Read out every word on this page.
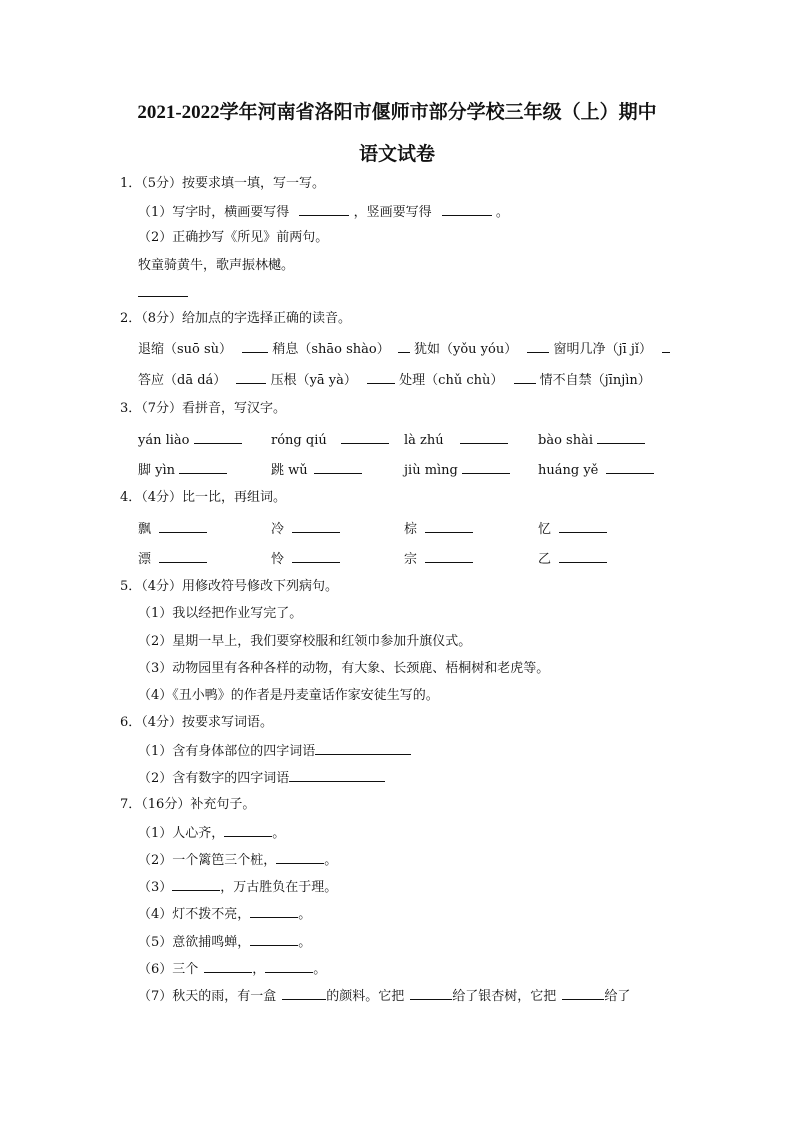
2021-2022学年河南省洛阳市偃师市部分学校三年级（上）期中
语文试卷
1．（5分）按要求填一填，写一写。
（1）写字时，横画要写得	，竖画要写得	。
（2）正确抄写《所见》前两句。
牧童骑黄牛，歌声振林樾。
2．（8分）给加点的字选择正确的读音。
退缩（suō sù）	稍息（shāo shào） 犹如（yǒu yóu）	窗明几净（jī jǐ）
答应（dā dá）	压根（yā yà）	处理（chǔ chù）	情不自禁（jīnjìn）
3．（7分）看拼音，写汉字。
yán liào	róng qiú	là zhú	bào shài
脚 yìn	跳 wǔ	jiù mìng	huáng yě
4．（4分）比一比，再组词。
飘	冷	棕	忆
漂	怜	宗	乙
5．（4分）用修改符号修改下列病句。
（1）我以经把作业写完了。
（2）星期一早上，我们要穿校服和红领巾参加升旗仪式。
（3）动物园里有各种各样的动物，有大象、长颈鹿、梧桐树和老虎等。
（4）《丑小鸭》的作者是丹麦童话作家安徒生写的。
6．（4分）按要求写词语。
（1）含有身体部位的四字词语
（2）含有数字的四字词语
7．（16分）补充句子。
（1）人心齐，	。
（2）一个篱笆三个桩，	。
（3）	，万古胜负在于理。
（4）灯不拨不亮，	。
（5）意欲捕鸣蝉，	。
（6）三个	，	。
（7）秋天的雨，有一盒	的颜料。它把	给了银杏树，它把	给了
